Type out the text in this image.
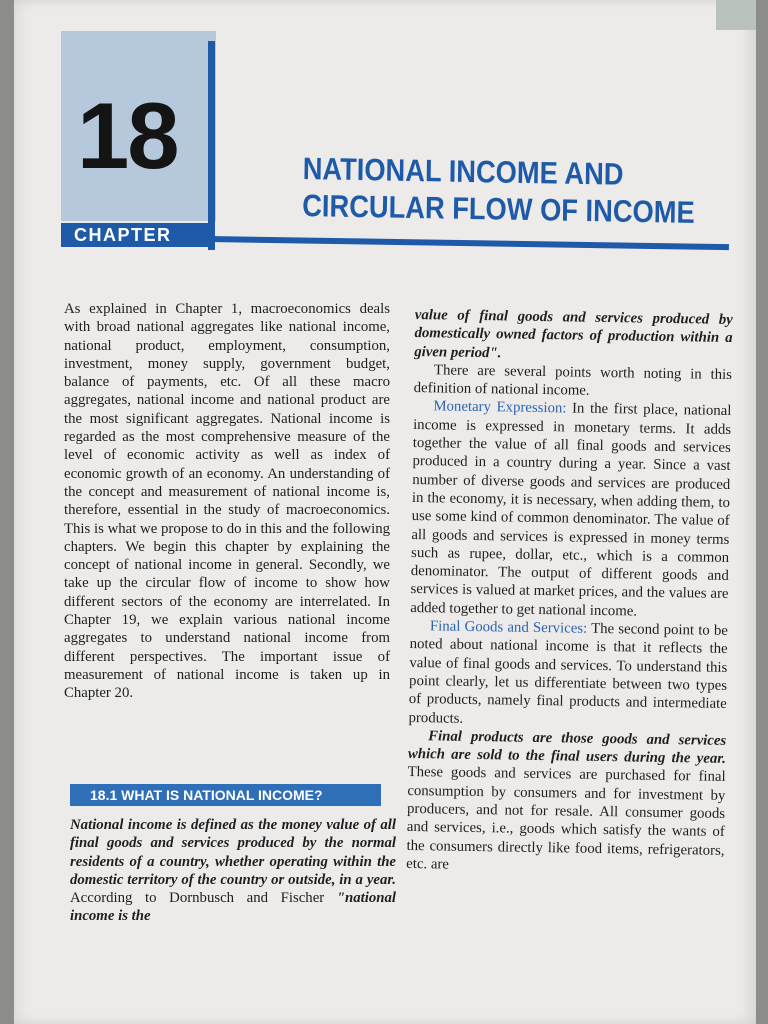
18
CHAPTER
NATIONAL INCOME AND
CIRCULAR FLOW OF INCOME

As explained in Chapter 1, macroeconomics deals with broad national aggregates like national income, national product, employment, consumption, investment, money supply, government budget, balance of payments, etc. Of all these macro aggregates, national income and national product are the most significant aggregates. National income is regarded as the most comprehensive measure of the level of economic activity as well as index of economic growth of an economy. An understanding of the concept and measurement of national income is, therefore, essential in the study of macroeconomics. This is what we propose to do in this and the following chapters. We begin this chapter by explaining the concept of national income in general. Secondly, we take up the circular flow of income to show how different sectors of the economy are interrelated. In Chapter 19, we explain various national income aggregates to understand national income from different perspectives. The important issue of measurement of national income is taken up in Chapter 20.

18.1 WHAT IS NATIONAL INCOME?

National income is defined as the money value of all final goods and services produced by the normal residents of a country, whether operating within the domestic territory of the country or outside, in a year. According to Dornbusch and Fischer "national income is the

value of final goods and services produced by domestically owned factors of production within a given period".

There are several points worth noting in this definition of national income.

Monetary Expression: In the first place, national income is expressed in monetary terms. It adds together the value of all final goods and services produced in a country during a year. Since a vast number of diverse goods and services are produced in the economy, it is necessary, when adding them, to use some kind of common denominator. The value of all goods and services is expressed in money terms such as rupee, dollar, etc., which is a common denominator. The output of different goods and services is valued at market prices, and the values are added together to get national income.

Final Goods and Services: The second point to be noted about national income is that it reflects the value of final goods and services. To understand this point clearly, let us differentiate between two types of products, namely final products and intermediate products.

Final products are those goods and services which are sold to the final users during the year. These goods and services are purchased for final consumption by consumers and for investment by producers, and not for resale. All consumer goods and services, i.e., goods which satisfy the wants of the consumers directly like food items, refrigerators, etc. are
